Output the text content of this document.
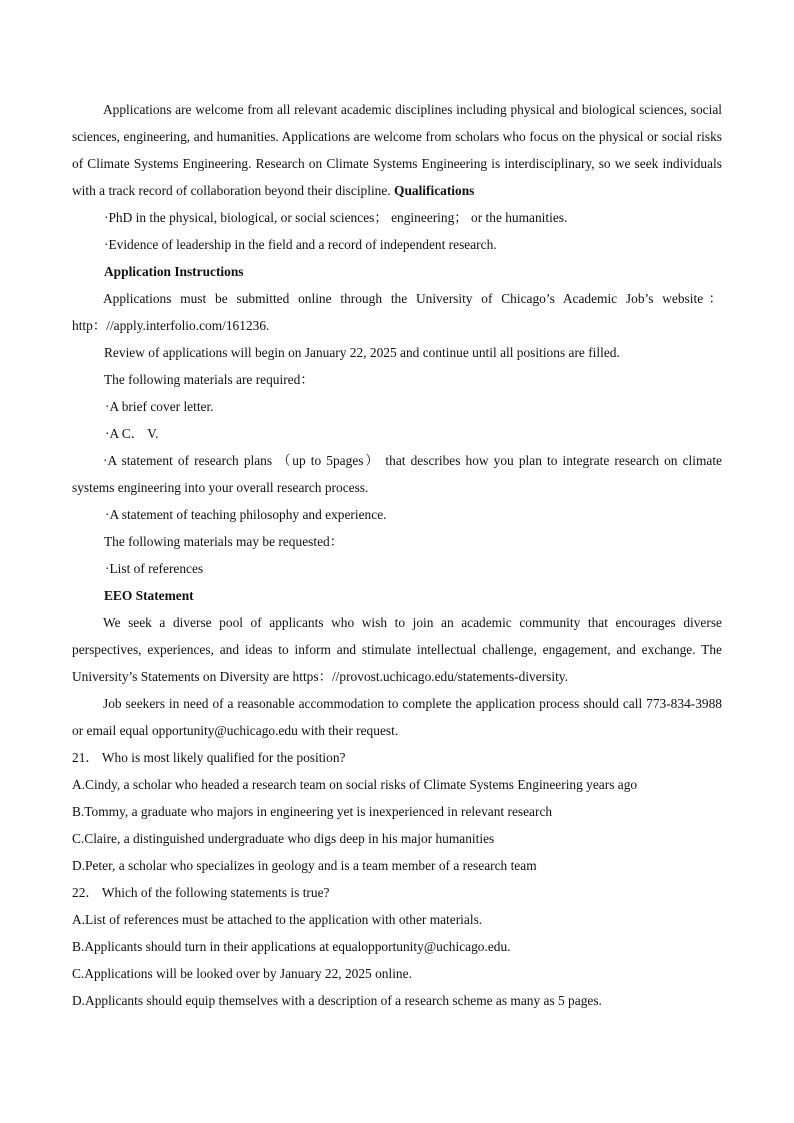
Applications are welcome from all relevant academic disciplines including physical and biological sciences, social sciences, engineering, and humanities. Applications are welcome from scholars who focus on the physical or social risks of Climate Systems Engineering. Research on Climate Systems Engineering is interdisciplinary, so we seek individuals with a track record of collaboration beyond their discipline. Qualifications

·PhD in the physical, biological, or social sciences； engineering； or the humanities.

·Evidence of leadership in the field and a record of independent research.

Application Instructions

Applications must be submitted online through the University of Chicago’s Academic Job’s website： http：//apply.interfolio.com/161236.

Review of applications will begin on January 22, 2025 and continue until all positions are filled.

The following materials are required：

·A brief cover letter.

·A C． V.

·A statement of research plans （up to 5pages） that describes how you plan to integrate research on climate systems engineering into your overall research process.

·A statement of teaching philosophy and experience.

The following materials may be requested：

·List of references

EEO Statement

We seek a diverse pool of applicants who wish to join an academic community that encourages diverse perspectives, experiences, and ideas to inform and stimulate intellectual challenge, engagement, and exchange. The University’s Statements on Diversity are https：//provost.uchicago.edu/statements-diversity.

Job seekers in need of a reasonable accommodation to complete the application process should call 773-834-3988 or email equal opportunity@uchicago.edu with their request.

21． Who is most likely qualified for the position?

A.Cindy, a scholar who headed a research team on social risks of Climate Systems Engineering years ago

B.Tommy, a graduate who majors in engineering yet is inexperienced in relevant research

C.Claire, a distinguished undergraduate who digs deep in his major humanities

D.Peter, a scholar who specializes in geology and is a team member of a research team

22． Which of the following statements is true?

A.List of references must be attached to the application with other materials.

B.Applicants should turn in their applications at equalopportunity@uchicago.edu.

C.Applications will be looked over by January 22, 2025 online.

D.Applicants should equip themselves with a description of a research scheme as many as 5 pages.
